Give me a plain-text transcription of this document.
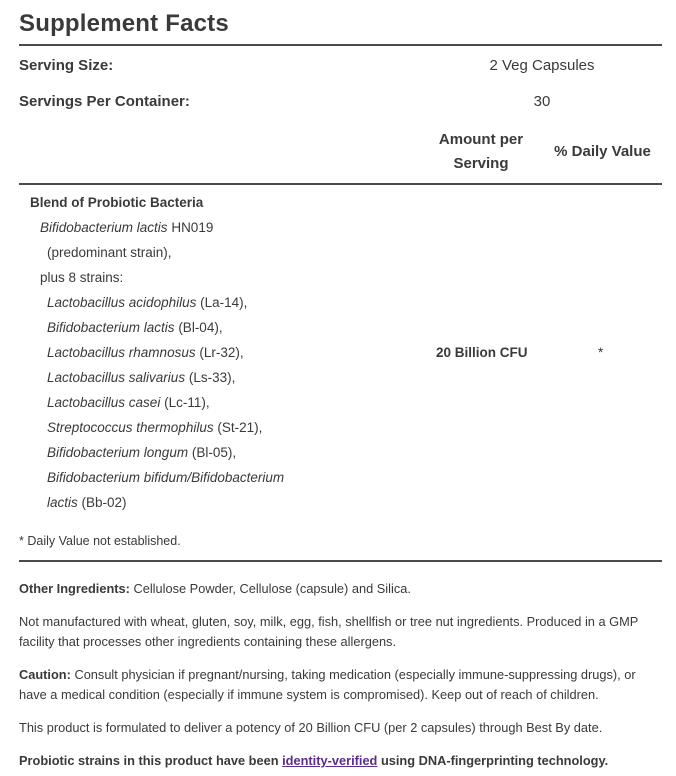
Supplement Facts
Serving Size:	2 Veg Capsules
Servings Per Container:	30
Amount per
Serving
% Daily Value
Blend of Probiotic Bacteria
Bifidobacterium lactis HN019
(predominant strain),
plus 8 strains:
Lactobacillus acidophilus (La-14),
Bifidobacterium lactis (Bl-04),
Lactobacillus rhamnosus (Lr-32),
Lactobacillus salivarius (Ls-33),
Lactobacillus casei (Lc-11),
Streptococcus thermophilus (St-21),
Bifidobacterium longum (Bl-05),
Bifidobacterium bifidum/Bifidobacterium
lactis (Bb-02)
20 Billion CFU	*
* Daily Value not established.
Other Ingredients: Cellulose Powder, Cellulose (capsule) and Silica.
Not manufactured with wheat, gluten, soy, milk, egg, fish, shellfish or tree nut ingredients. Produced in a GMP facility that processes other ingredients containing these allergens.
Caution: Consult physician if pregnant/nursing, taking medication (especially immune-suppressing drugs), or have a medical condition (especially if immune system is compromised). Keep out of reach of children.
This product is formulated to deliver a potency of 20 Billion CFU (per 2 capsules) through Best By date.
Probiotic strains in this product have been identity-verified using DNA-fingerprinting technology.
